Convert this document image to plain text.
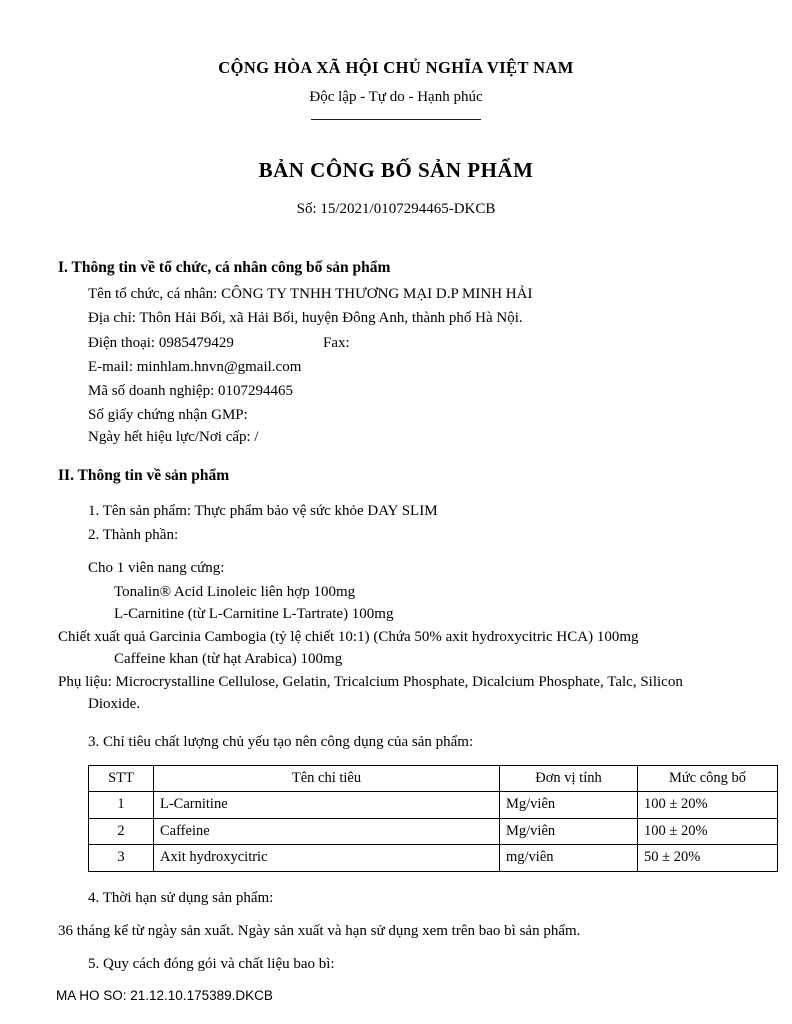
CỘNG HÒA XÃ HỘI CHỦ NGHĨA VIỆT NAM
Độc lập - Tự do - Hạnh phúc
BẢN CÔNG BỐ SẢN PHẨM
Số: 15/2021/0107294465-DKCB
I. Thông tin về tổ chức, cá nhân công bố sản phẩm
Tên tổ chức, cá nhân: CÔNG TY TNHH THƯƠNG MẠI D.P MINH HẢI
Địa chỉ: Thôn Hải Bối, xã Hải Bối, huyện Đông Anh, thành phố Hà Nội.
Điện thoại: 0985479429	Fax:
E-mail: minhlam.hnvn@gmail.com
Mã số doanh nghiệp: 0107294465
Số giấy chứng nhận GMP:
Ngày hết hiệu lực/Nơi cấp: /
II. Thông tin về sản phẩm
1. Tên sản phẩm: Thực phẩm bảo vệ sức khỏe DAY SLIM
2. Thành phần:
Cho 1 viên nang cứng:
Tonalin® Acid Linoleic liên hợp 100mg
L-Carnitine (từ L-Carnitine L-Tartrate) 100mg
Chiết xuất quả Garcinia Cambogia (tỷ lệ chiết 10:1) (Chứa 50% axit hydroxycitric HCA) 100mg
Caffeine khan (từ hạt Arabica) 100mg
Phụ liệu: Microcrystalline Cellulose, Gelatin, Tricalcium Phosphate, Dicalcium Phosphate, Talc, Silicon Dioxide.
3. Chỉ tiêu chất lượng chủ yếu tạo nên công dụng của sản phẩm:
STT	Tên chỉ tiêu	Đơn vị tính	Mức công bố
1	L-Carnitine	Mg/viên	100 ± 20%
2	Caffeine	Mg/viên	100 ± 20%
3	Axit hydroxycitric	mg/viên	50 ± 20%
4. Thời hạn sử dụng sản phẩm:
36 tháng kể từ ngày sản xuất. Ngày sản xuất và hạn sử dụng xem trên bao bì sản phẩm.
5. Quy cách đóng gói và chất liệu bao bì:
MA HO SO: 21.12.10.175389.DKCB
